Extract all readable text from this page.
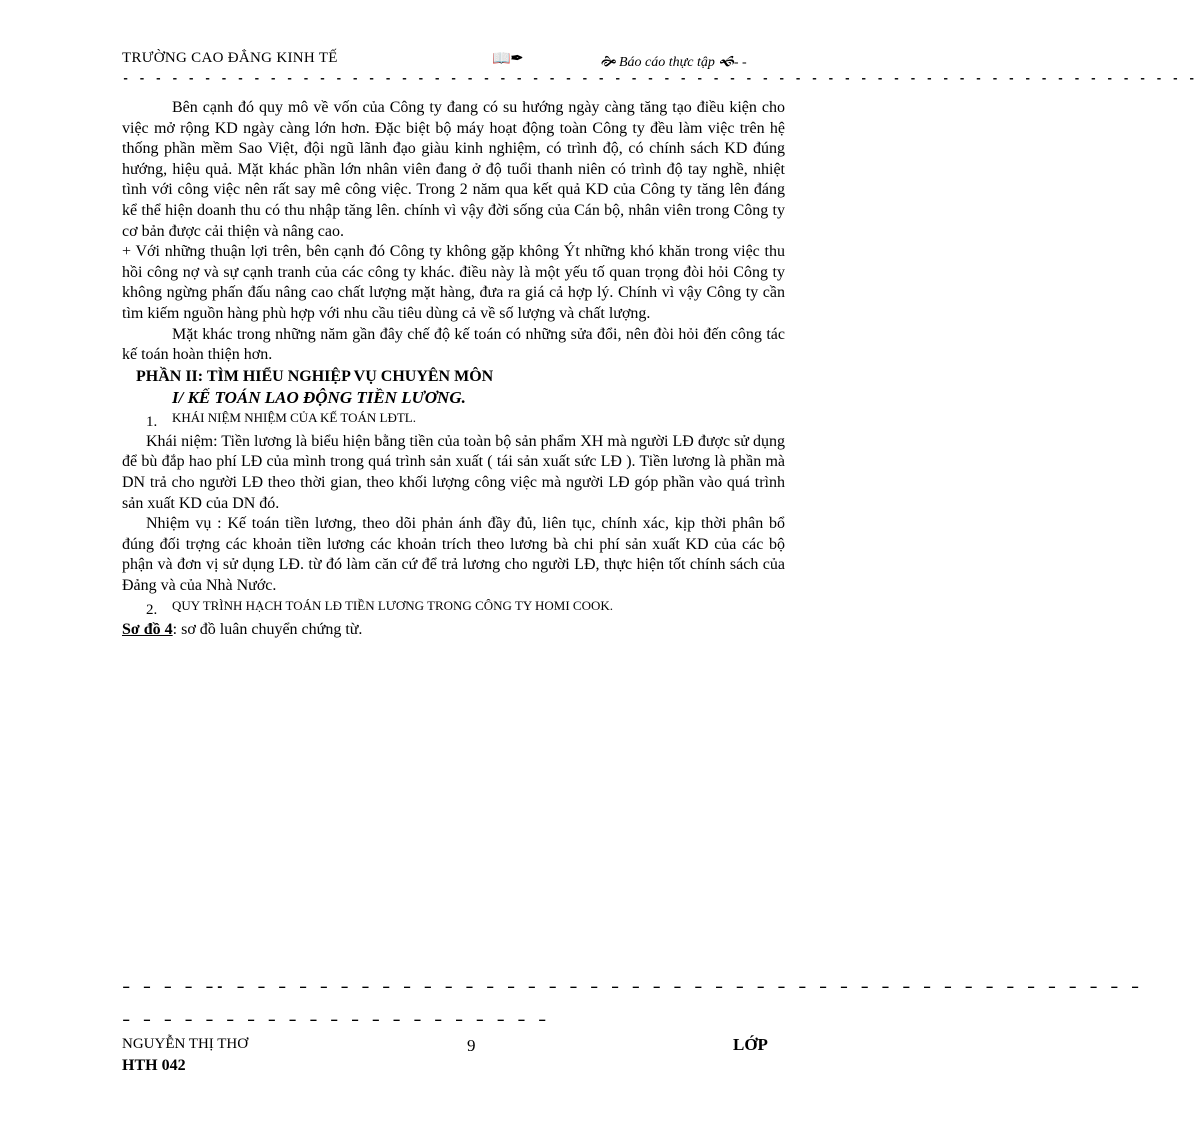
TRƯỜNG CAO ĐẲNG KINH TẾ	📖✒	🙞 Báo cáo thực tập 🙜- -
- - - - - - - - - - - - - - - - - - - - - - - - - - - - - - - - - - - - - - - - - - - - - - - - - - - - - - - - - - - - - - - - - -

Bên cạnh đó quy mô về vốn của Công ty đang có su hướng ngày càng tăng tạo điều kiện cho việc mở rộng KD ngày càng lớn hơn. Đặc biệt bộ máy hoạt động toàn Công ty đều làm việc trên hệ thống phần mềm Sao Việt, đội ngũ lãnh đạo giàu kinh nghiệm, có trình độ, có chính sách KD đúng hướng, hiệu quả. Mặt khác phần lớn nhân viên đang ở độ tuổi thanh niên có trình độ tay nghề, nhiệt tình với công việc nên rất say mê công việc. Trong 2 năm qua kết quả KD của Công ty tăng lên đáng kể thể hiện doanh thu có thu nhập tăng lên. chính vì vậy đời sống của Cán bộ, nhân viên trong Công ty cơ bản được cải thiện và nâng cao.

+ Với những thuận lợi trên, bên cạnh đó Công ty không gặp không Ýt những khó khăn trong việc thu hồi công nợ và sự cạnh tranh của các công ty khác. điều này là một yếu tố quan trọng đòi hỏi Công ty không ngừng phấn đấu nâng cao chất lượng mặt hàng, đưa ra giá cả hợp lý. Chính vì vậy Công ty cần tìm kiếm nguồn hàng phù hợp với nhu cầu tiêu dùng cả về số lượng và chất lượng.

Mặt khác trong những năm gần đây chế độ kế toán có những sửa đổi, nên đòi hỏi đến công tác kế toán hoàn thiện hơn.

PHẦN II: TÌM HIỂU NGHIỆP VỤ CHUYÊN MÔN

I/ KẾ TOÁN LAO ĐỘNG TIỀN LƯƠNG.
1. KHÁI NIỆM NHIỆM CỦA KẾ TOÁN LĐTL.

Khái niệm: Tiền lương là biểu hiện bằng tiền của toàn bộ sản phẩm XH mà người LĐ được sử dụng để bù đắp hao phí LĐ của mình trong quá trình sản xuất ( tái sản xuất sức LĐ ). Tiền lương là phần mà DN trả cho người LĐ theo thời gian, theo khối lượng công việc mà người LĐ góp phần vào quá trình sản xuất KD của DN đó.

Nhiệm vụ : Kế toán tiền lương, theo dõi phản ánh đầy đủ, liên tục, chính xác, kịp thời phân bổ đúng đối trợng các khoản tiền lương các khoản trích theo lương bà chi phí sản xuất KD của các bộ phận và đơn vị sử dụng LĐ. từ đó làm căn cứ để trả lương cho người LĐ, thực hiện tốt chính sách của Đảng và của Nhà Nước.

2. QUY TRÌNH HẠCH TOÁN LĐ TIỀN LƯƠNG TRONG CÔNG TY HOMI COOK.

Sơ đồ 4: sơ đồ luân chuyển chứng từ.

– – – – –- – – – – – – – – – – – – – – – – – – – – – – – – – – – – – – – – – – – – – – – – – – – –
– – – – – – – – – – – – – – – – – – – – –
NGUYỄN THỊ THƠ	9	LỚP
HTH 042
